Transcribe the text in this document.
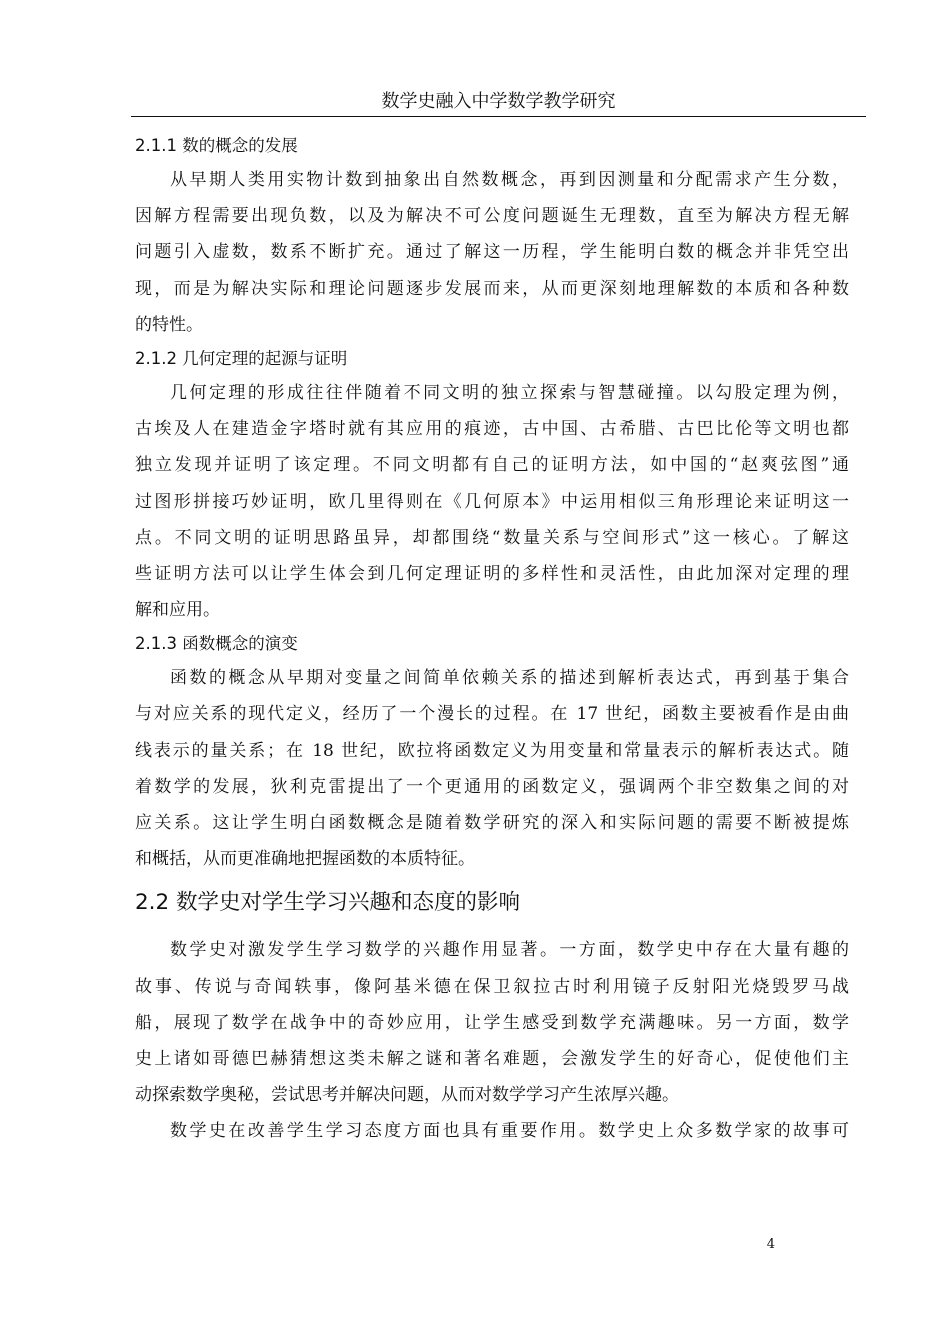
数学史融入中学数学教学研究
2.1.1 数的概念的发展
从早期人类用实物计数到抽象出自然数概念，再到因测量和分配需求产生分数，
因解方程需要出现负数，以及为解决不可公度问题诞生无理数，直至为解决方程无解
问题引入虚数，数系不断扩充。通过了解这一历程，学生能明白数的概念并非凭空出
现，而是为解决实际和理论问题逐步发展而来，从而更深刻地理解数的本质和各种数
的特性。
2.1.2 几何定理的起源与证明
几何定理的形成往往伴随着不同文明的独立探索与智慧碰撞。以勾股定理为例，
古埃及人在建造金字塔时就有其应用的痕迹，古中国、古希腊、古巴比伦等文明也都
独立发现并证明了该定理。不同文明都有自己的证明方法，如中国的“赵爽弦图”通
过图形拼接巧妙证明，欧几里得则在《几何原本》中运用相似三角形理论来证明这一
点。不同文明的证明思路虽异，却都围绕“数量关系与空间形式”这一核心。了解这
些证明方法可以让学生体会到几何定理证明的多样性和灵活性，由此加深对定理的理
解和应用。
2.1.3 函数概念的演变
函数的概念从早期对变量之间简单依赖关系的描述到解析表达式，再到基于集合
与对应关系的现代定义，经历了一个漫长的过程。在 17 世纪，函数主要被看作是由曲
线表示的量关系；在 18 世纪，欧拉将函数定义为用变量和常量表示的解析表达式。随
着数学的发展，狄利克雷提出了一个更通用的函数定义，强调两个非空数集之间的对
应关系。这让学生明白函数概念是随着数学研究的深入和实际问题的需要不断被提炼
和概括，从而更准确地把握函数的本质特征。
2.2 数学史对学生学习兴趣和态度的影响
数学史对激发学生学习数学的兴趣作用显著。一方面，数学史中存在大量有趣的
故事、传说与奇闻轶事，像阿基米德在保卫叙拉古时利用镜子反射阳光烧毁罗马战
船，展现了数学在战争中的奇妙应用，让学生感受到数学充满趣味。另一方面，数学
史上诸如哥德巴赫猜想这类未解之谜和著名难题，会激发学生的好奇心，促使他们主
动探索数学奥秘，尝试思考并解决问题，从而对数学学习产生浓厚兴趣。
数学史在改善学生学习态度方面也具有重要作用。数学史上众多数学家的故事可
4
